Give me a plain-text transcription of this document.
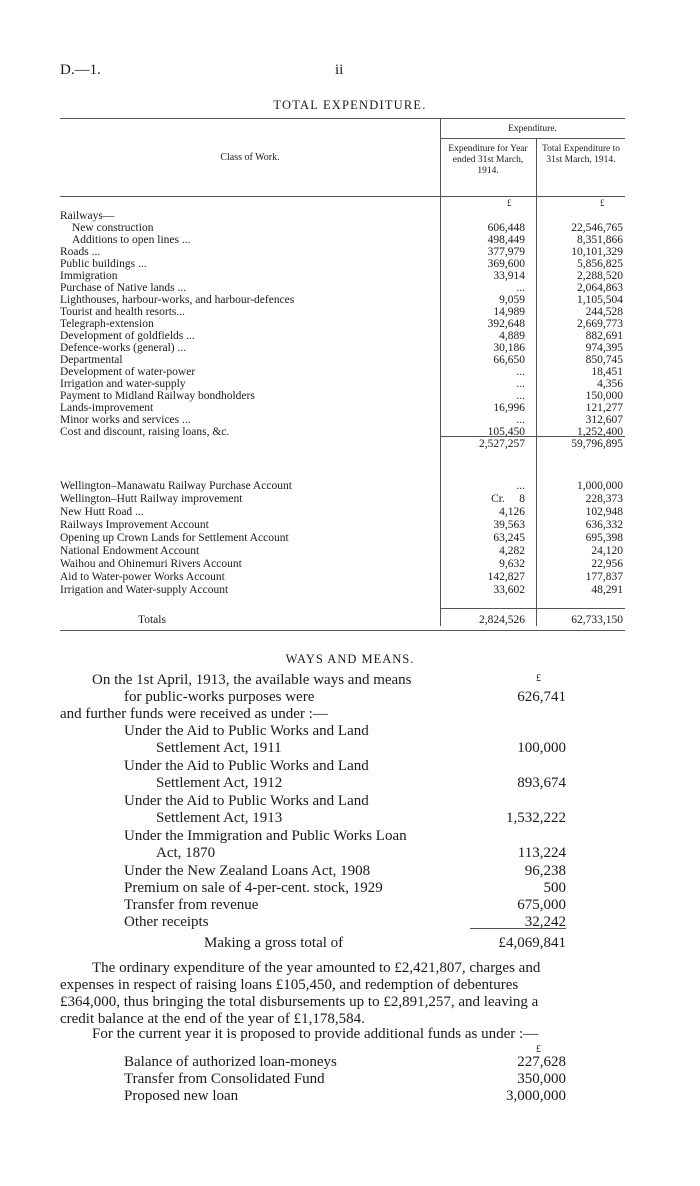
D.—1.	ii
TOTAL EXPENDITURE.
Expenditure.
Class of Work.
Expenditure for Year ended 31st March, 1914.
Total Expenditure to 31st March, 1914.
£	£
Railways—
New construction	606,448	22,546,765
Additions to open lines ...	498,449	8,351,866
Roads ...	377,979	10,101,329
Public buildings ...	369,600	5,856,825
Immigration	33,914	2,288,520
Purchase of Native lands ...	...	2,064,863
Lighthouses, harbour-works, and harbour-defences	9,059	1,105,504
Tourist and health resorts...	14,989	244,528
Telegraph-extension	392,648	2,669,773
Development of goldfields ...	4,889	882,691
Defence-works (general) ...	30,186	974,395
Departmental	66,650	850,745
Development of water-power	...	18,451
Irrigation and water-supply	...	4,356
Payment to Midland Railway bondholders	...	150,000
Lands-improvement	16,996	121,277
Minor works and services ...	...	312,607
Cost and discount, raising loans, &c.	105,450	1,252,400
2,527,257	59,796,895
Wellington–Manawatu Railway Purchase Account	...	1,000,000
Wellington–Hutt Railway improvement	Cr.     8	228,373
New Hutt Road ...	4,126	102,948
Railways Improvement Account	39,563	636,332
Opening up Crown Lands for Settlement Account	63,245	695,398
National Endowment Account	4,282	24,120
Waihou and Ohinemuri Rivers Account	9,632	22,956
Aid to Water-power Works Account	142,827	177,837
Irrigation and Water-supply Account	33,602	48,291
Totals	2,824,526	62,733,150
WAYS AND MEANS.
£
On the 1st April, 1913, the available ways and means
for public-works purposes were	626,741
and further funds were received as under :—
Under the Aid to Public Works and Land
Settlement Act, 1911	100,000
Under the Aid to Public Works and Land
Settlement Act, 1912	893,674
Under the Aid to Public Works and Land
Settlement Act, 1913	1,532,222
Under the Immigration and Public Works Loan
Act, 1870	113,224
Under the New Zealand Loans Act, 1908	96,238
Premium on sale of 4-per-cent. stock, 1929	500
Transfer from revenue	675,000
Other receipts	32,242
Making a gross total of	£4,069,841
The ordinary expenditure of the year amounted to £2,421,807, charges and
expenses in respect of raising loans £105,450, and redemption of debentures
£364,000, thus bringing the total disbursements up to £2,891,257, and leaving a
credit balance at the end of the year of £1,178,584.
For the current year it is proposed to provide additional funds as under :—
£
Balance of authorized loan-moneys	227,628
Transfer from Consolidated Fund	350,000
Proposed new loan	3,000,000
